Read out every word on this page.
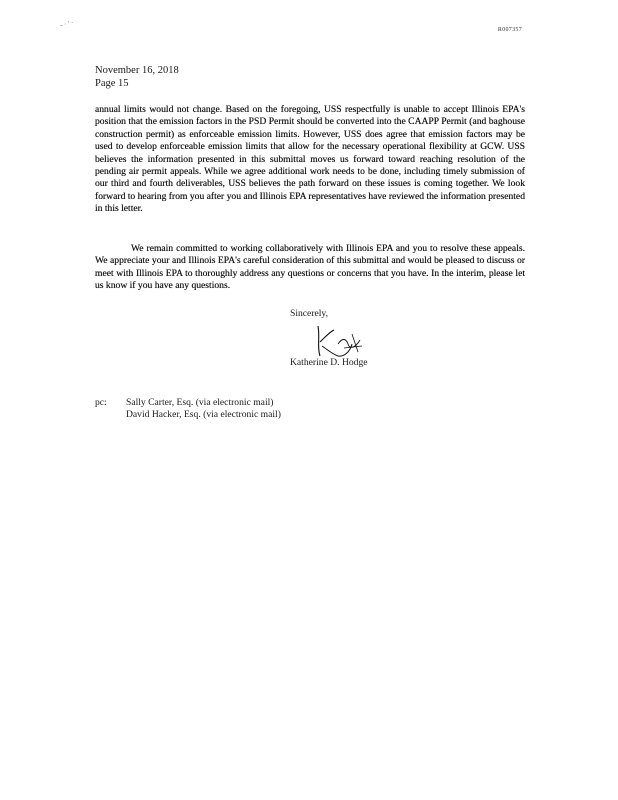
- · ' ·
R007357
November 16, 2018
Page 15

annual limits would not change. Based on the foregoing, USS respectfully is unable to accept Illinois EPA's position that the emission factors in the PSD Permit should be converted into the CAAPP Permit (and baghouse construction permit) as enforceable emission limits. However, USS does agree that emission factors may be used to develop enforceable emission limits that allow for the necessary operational flexibility at GCW. USS believes the information presented in this submittal moves us forward toward reaching resolution of the pending air permit appeals. While we agree additional work needs to be done, including timely submission of our third and fourth deliverables, USS believes the path forward on these issues is coming together. We look forward to hearing from you after you and Illinois EPA representatives have reviewed the information presented in this letter.

We remain committed to working collaboratively with Illinois EPA and you to resolve these appeals. We appreciate your and Illinois EPA's careful consideration of this submittal and would be pleased to discuss or meet with Illinois EPA to thoroughly address any questions or concerns that you have. In the interim, please let us know if you have any questions.

Sincerely,
Katherine D. Hodge
pc: Sally Carter, Esq. (via electronic mail)
David Hacker, Esq. (via electronic mail)
